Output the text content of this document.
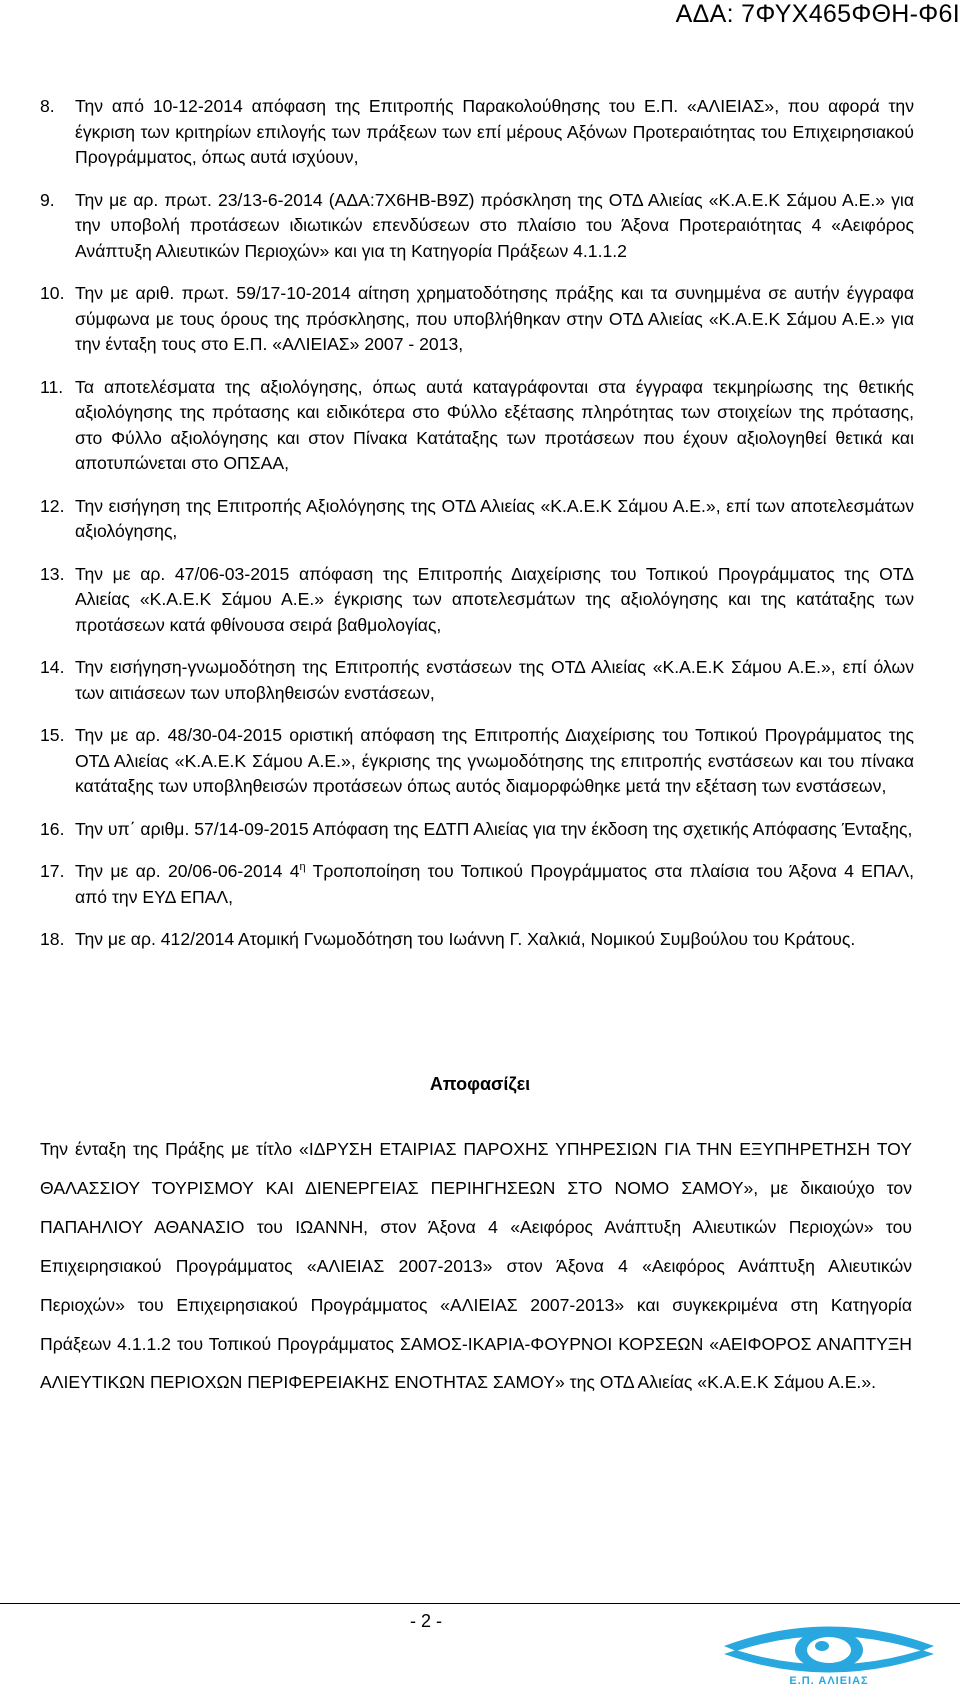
ΑΔΑ: 7ΦΥΧ465ΦΘΗ-Φ6Ι
8. Την από 10-12-2014 απόφαση της Επιτροπής Παρακολούθησης του Ε.Π. «ΑΛΙΕΙΑΣ», που αφορά την έγκριση των κριτηρίων επιλογής των πράξεων των επί μέρους Αξόνων Προτεραιότητας του Επιχειρησιακού Προγράμματος, όπως αυτά ισχύουν,
9. Την με αρ. πρωτ. 23/13-6-2014 (ΑΔΑ:7Χ6ΗΒ-Β9Ζ) πρόσκληση της ΟΤΔ Αλιείας «Κ.Α.Ε.Κ Σάμου Α.Ε.» για την υποβολή προτάσεων ιδιωτικών επενδύσεων στο πλαίσιο του Άξονα Προτεραιότητας 4 «Αειφόρος Ανάπτυξη Αλιευτικών Περιοχών» και για τη Κατηγορία Πράξεων 4.1.1.2
10. Την με αριθ. πρωτ. 59/17-10-2014 αίτηση χρηματοδότησης πράξης και τα συνημμένα σε αυτήν έγγραφα σύμφωνα με τους όρους της πρόσκλησης, που υποβλήθηκαν στην ΟΤΔ Αλιείας «Κ.Α.Ε.Κ Σάμου Α.Ε.» για την ένταξη τους στο Ε.Π. «ΑΛΙΕΙΑΣ» 2007 - 2013,
11. Τα αποτελέσματα της αξιολόγησης, όπως αυτά καταγράφονται στα έγγραφα τεκμηρίωσης της θετικής αξιολόγησης της πρότασης και ειδικότερα στο Φύλλο εξέτασης πληρότητας των στοιχείων της πρότασης, στο Φύλλο αξιολόγησης και στον Πίνακα Κατάταξης των προτάσεων που έχουν αξιολογηθεί θετικά και αποτυπώνεται στο ΟΠΣΑΑ,
12. Την εισήγηση της Επιτροπής Αξιολόγησης της ΟΤΔ Αλιείας «Κ.Α.Ε.Κ Σάμου Α.Ε.», επί των αποτελεσμάτων αξιολόγησης,
13. Την με αρ. 47/06-03-2015 απόφαση της Επιτροπής Διαχείρισης του Τοπικού Προγράμματος της ΟΤΔ Αλιείας «Κ.Α.Ε.Κ Σάμου Α.Ε.» έγκρισης των αποτελεσμάτων της αξιολόγησης και της κατάταξης των προτάσεων κατά φθίνουσα σειρά βαθμολογίας,
14. Την εισήγηση-γνωμοδότηση της Επιτροπής ενστάσεων της ΟΤΔ Αλιείας «Κ.Α.Ε.Κ Σάμου Α.Ε.», επί όλων των αιτιάσεων των υποβληθεισών ενστάσεων,
15. Την με αρ. 48/30-04-2015 οριστική απόφαση της Επιτροπής Διαχείρισης του Τοπικού Προγράμματος της ΟΤΔ Αλιείας «Κ.Α.Ε.Κ Σάμου Α.Ε.», έγκρισης της γνωμοδότησης της επιτροπής ενστάσεων και του πίνακα κατάταξης των υποβληθεισών προτάσεων όπως αυτός διαμορφώθηκε μετά την εξέταση των ενστάσεων,
16. Την υπ΄ αριθμ. 57/14-09-2015 Απόφαση της ΕΔΤΠ Αλιείας για την έκδοση της σχετικής Απόφασης Ένταξης,
17. Την με αρ. 20/06-06-2014 $4^\eta$ Τροποποίηση του Τοπικού Προγράμματος στα πλαίσια του Άξονα 4 ΕΠΑΛ, από την ΕΥΔ ΕΠΑΛ,
18. Την με αρ. 412/2014 Ατομική Γνωμοδότηση του Ιωάννη Γ. Χαλκιά, Νομικού Συμβούλου του Κράτους.
Αποφασίζει
Την ένταξη της Πράξης με τίτλο «ΙΔΡΥΣΗ ΕΤΑΙΡΙΑΣ ΠΑΡΟΧΗΣ ΥΠΗΡΕΣΙΩΝ ΓΙΑ ΤΗΝ ΕΞΥΠΗΡΕΤΗΣΗ ΤΟΥ ΘΑΛΑΣΣΙΟΥ ΤΟΥΡΙΣΜΟΥ ΚΑΙ ΔΙΕΝΕΡΓΕΙΑΣ ΠΕΡΙΗΓΗΣΕΩΝ ΣΤΟ ΝΟΜΟ ΣΑΜΟΥ», με δικαιούχο τον ΠΑΠΑΗΛΙΟΥ ΑΘΑΝΑΣΙΟ του ΙΩΑΝΝΗ, στον Άξονα 4 «Αειφόρος Ανάπτυξη Αλιευτικών Περιοχών» του Επιχειρησιακού Προγράμματος «ΑΛΙΕΙΑΣ 2007-2013» στον Άξονα 4 «Αειφόρος Ανάπτυξη Αλιευτικών Περιοχών» του Επιχειρησιακού Προγράμματος «ΑΛΙΕΙΑΣ 2007-2013» και συγκεκριμένα στη Κατηγορία Πράξεων 4.1.1.2 του Τοπικού Προγράμματος ΣΑΜΟΣ-ΙΚΑΡΙΑ-ΦΟΥΡΝΟΙ ΚΟΡΣΕΩΝ «ΑΕΙΦΟΡΟΣ ΑΝΑΠΤΥΞΗ ΑΛΙΕΥΤΙΚΩΝ ΠΕΡΙΟΧΩΝ ΠΕΡΙΦΕΡΕΙΑΚΗΣ ΕΝΟΤΗΤΑΣ ΣΑΜΟΥ» της ΟΤΔ Αλιείας «Κ.Α.Ε.Κ Σάμου Α.Ε.».
- 2 -
Ε.Π. ΑΛΙΕΙΑΣ
